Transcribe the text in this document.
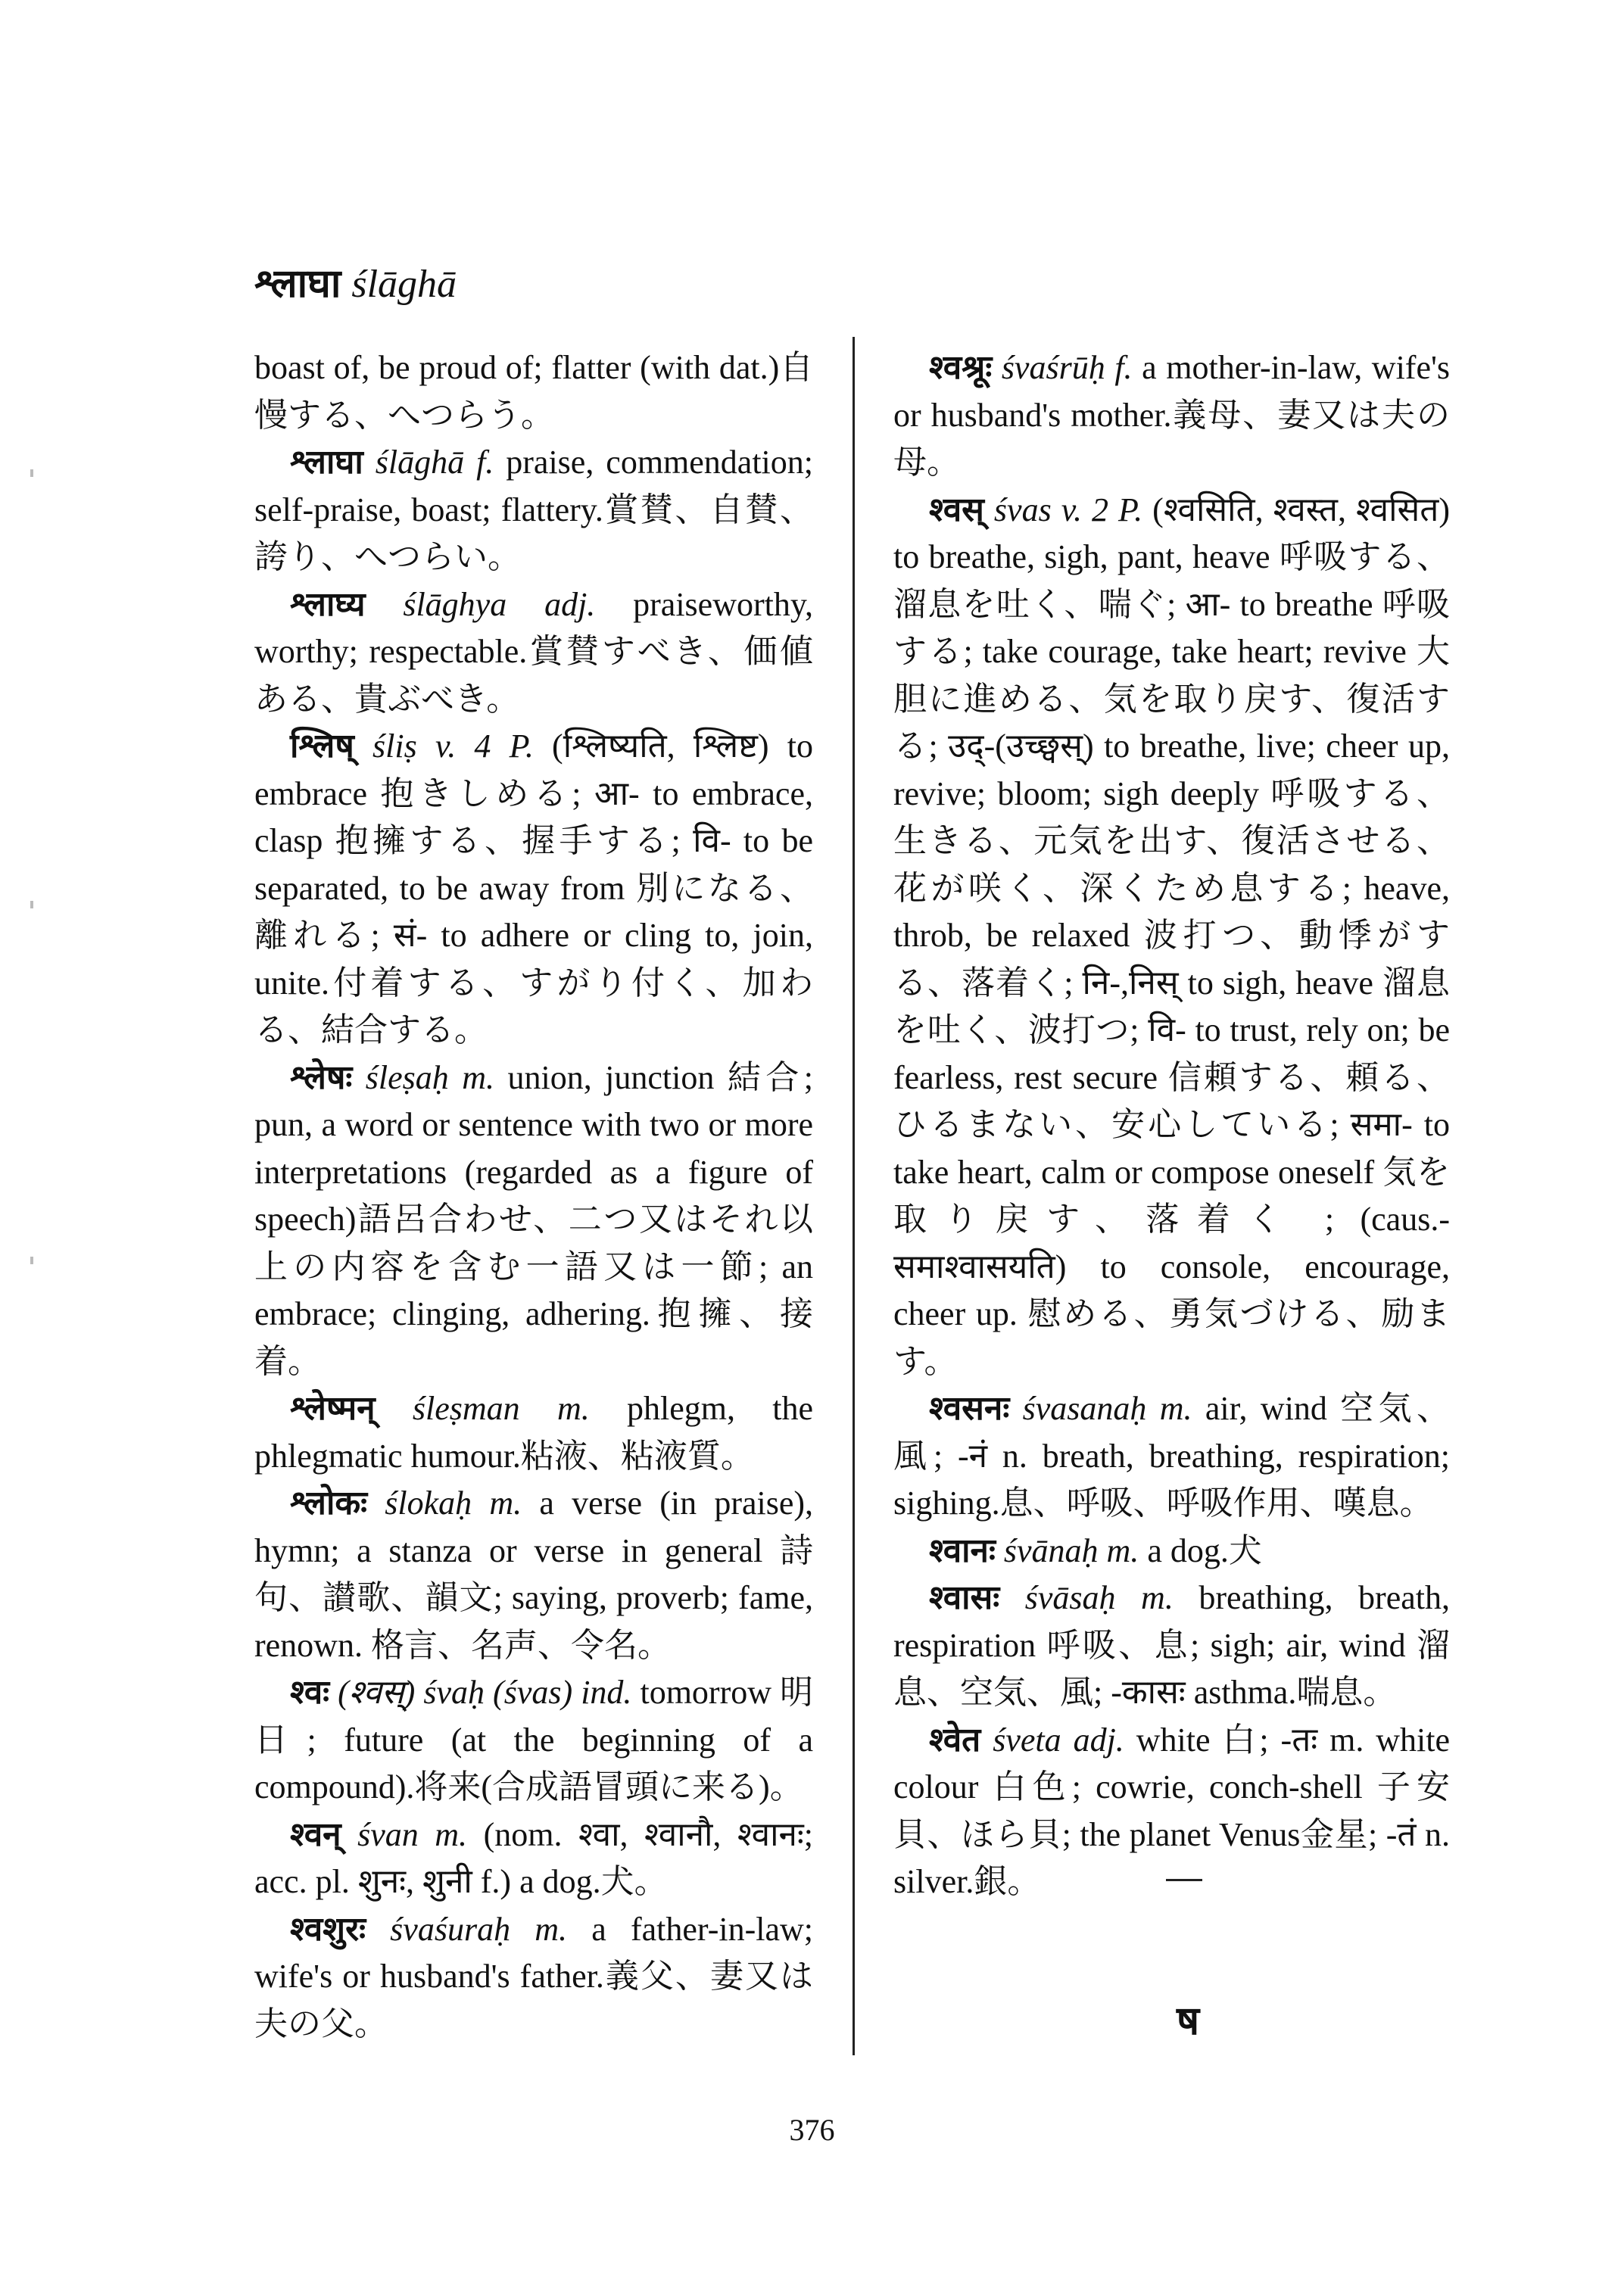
श्लाघा ślāghā

boast of, be proud of; flatter (with dat.)自慢する、へつらう。

श्लाघा ślāghā f. praise, commendation; self-praise, boast; flattery.賞賛、自賛、誇り、へつらい。

श्लाघ्य ślāghya adj. praiseworthy, worthy; respectable.賞賛すべき、価値ある、貴ぶべき。

श्लिष् śliṣ v. 4 P. (श्लिष्यति, श्लिष्ट) to embrace 抱きしめる; आ- to embrace, clasp 抱擁する、握手する; वि- to be separated, to be away from 別になる、離れる; सं- to adhere or cling to, join, unite.付着する、すがり付く、加わる、結合する。

श्लेषः śleṣaḥ m. union, junction 結合; pun, a word or sentence with two or more interpretations (regarded as a figure of speech)語呂合わせ、二つ又はそれ以上の内容を含む一語又は一節; an embrace; clinging, adhering.抱擁、接着。

श्लेष्मन् śleṣman m. phlegm, the phlegmatic humour.粘液、粘液質。

श्लोकः ślokaḥ m. a verse (in praise), hymn; a stanza or verse in general 詩句、讃歌、韻文; saying, proverb; fame, renown. 格言、名声、令名。

श्वः (श्वस्) śvaḥ (śvas) ind. tomorrow 明日; future (at the beginning of a compound).将来(合成語冒頭に来る)。

श्वन् śvan m. (nom. श्वा, श्वानौ, श्वानः; acc. pl. शुनः, शुनी f.) a dog.犬。

श्वशुरः śvaśuraḥ m. a father-in-law; wife's or husband's father.義父、妻又は夫の父。

श्वश्रूः śvaśrūḥ f. a mother-in-law, wife's or husband's mother.義母、妻又は夫の母。

श्वस् śvas v. 2 P. (श्वसिति, श्वस्त, श्वसित) to breathe, sigh, pant, heave 呼吸する、溜息を吐く、喘ぐ; आ- to breathe 呼吸する; take courage, take heart; revive 大胆に進める、気を取り戻す、復活する; उद्-(उच्छ्वस्) to breathe, live; cheer up, revive; bloom; sigh deeply 呼吸する、生きる、元気を出す、復活させる、花が咲く、深くため息する; heave, throb, be relaxed 波打つ、動悸がする、落着く; नि-,निस् to sigh, heave 溜息を吐く、波打つ; वि- to trust, rely on; be fearless, rest secure 信頼する、頼る、ひるまない、安心している; समा- to take heart, calm or compose oneself 気を取り戻す、落着く ; (caus.- समाश्वासयति) to console, encourage, cheer up. 慰める、勇気づける、励ます。

श्वसनः śvasanaḥ m. air, wind 空気、風; -नं n. breath, breathing, respiration; sighing.息、呼吸、呼吸作用、嘆息。

श्वानः śvānaḥ m. a dog.犬

श्वासः śvāsaḥ m. breathing, breath, respiration 呼吸、息; sigh; air, wind 溜息、空気、風; -कासः asthma.喘息。

श्वेत śveta adj. white 白; -तः m. white colour 白色; cowrie, conch-shell 子安貝、ほら貝; the planet Venus金星; -तं n. silver.銀。

ष
376
